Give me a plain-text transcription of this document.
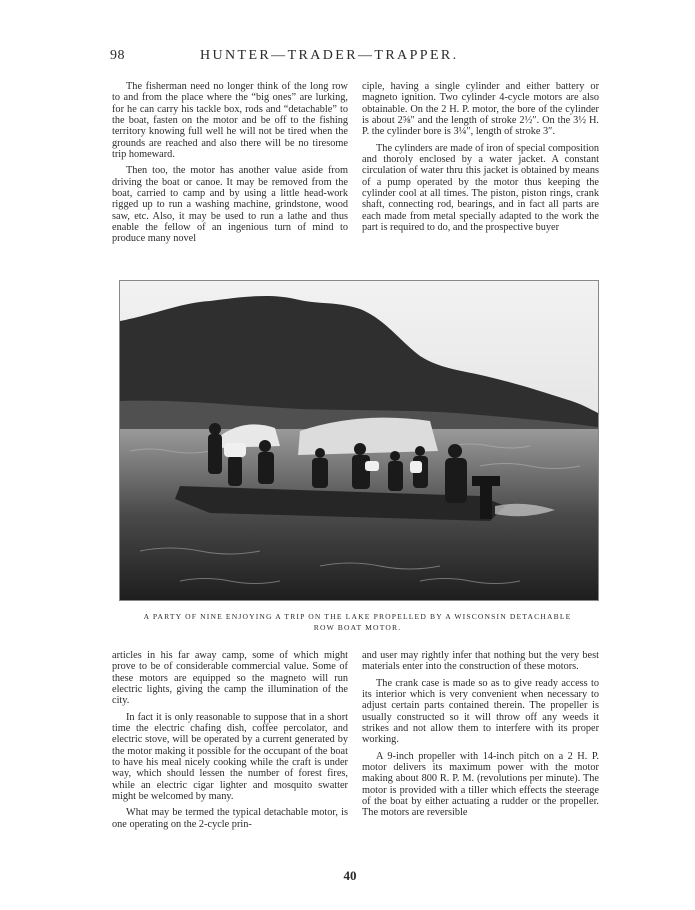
98	HUNTER—TRADER—TRAPPER.

The fisherman need no longer think of the long row to and from the place where the “big ones” are lurking, for he can carry his tackle box, rods and “detachable” to the boat, fasten on the motor and be off to the fishing territory knowing full well he will not be tired when the grounds are reached and also there will be no tiresome trip homeward.

Then too, the motor has another value aside from driving the boat or canoe. It may be removed from the boat, carried to camp and by using a little head-work rigged up to run a washing machine, grindstone, wood saw, etc. Also, it may be used to run a lathe and thus enable the fellow of an ingenious turn of mind to produce many novel

ciple, having a single cylinder and either battery or magneto ignition. Two cylinder 4-cycle motors are also obtainable. On the 2 H. P. motor, the bore of the cylinder is about 2⅝″ and the length of stroke 2½″. On the 3½ H. P. the cylinder bore is 3¼″, length of stroke 3″.

The cylinders are made of iron of special composition and thoroly enclosed by a water jacket. A constant circulation of water thru this jacket is obtained by means of a pump operated by the motor thus keeping the cylinder cool at all times. The piston, piston rings, crank shaft, connecting rod, bearings, and in fact all parts are each made from metal specially adapted to the work the part is required to do, and the prospective buyer

A PARTY OF NINE ENJOYING A TRIP ON THE LAKE PROPELLED BY A WISCONSIN DETACHABLE
ROW BOAT MOTOR.

articles in his far away camp, some of which might prove to be of considerable commercial value. Some of these motors are equipped so the magneto will run electric lights, giving the camp the illumination of the city.

In fact it is only reasonable to suppose that in a short time the electric chafing dish, coffee percolator, and electric stove, will be operated by a current generated by the motor making it possible for the occupant of the boat to have his meal nicely cooking while the craft is under way, which should lessen the number of forest fires, while an electric cigar lighter and mosquito swatter might be welcomed by many.

What may be termed the typical detachable motor, is one operating on the 2-cycle prin-

and user may rightly infer that nothing but the very best materials enter into the construction of these motors.

The crank case is made so as to give ready access to its interior which is very convenient when necessary to adjust certain parts contained therein. The propeller is usually constructed so it will throw off any weeds it strikes and not allow them to interfere with its proper working.

A 9-inch propeller with 14-inch pitch on a 2 H. P. motor delivers its maximum power with the motor making about 800 R. P. M. (revolutions per minute). The motor is provided with a tiller which effects the steerage of the boat by either actuating a rudder or the propeller. The motors are reversible

40
